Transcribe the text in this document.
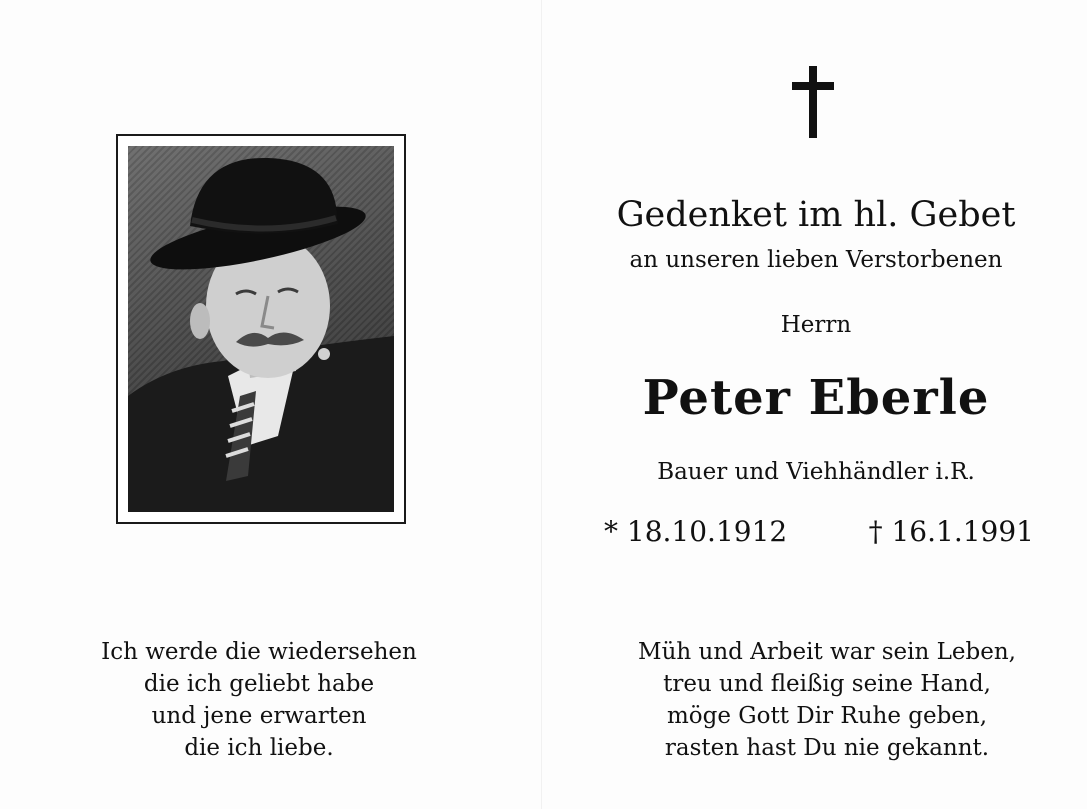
Gedenket im hl. Gebet
an unseren lieben Verstorbenen
Herrn
Peter Eberle
Bauer und Viehhändler i.R.
* 18.10.1912	† 16.1.1991
Ich werde die wiedersehen
die ich geliebt habe
und jene erwarten
die ich liebe.
Müh und Arbeit war sein Leben,
treu und fleißig seine Hand,
möge Gott Dir Ruhe geben,
rasten hast Du nie gekannt.
